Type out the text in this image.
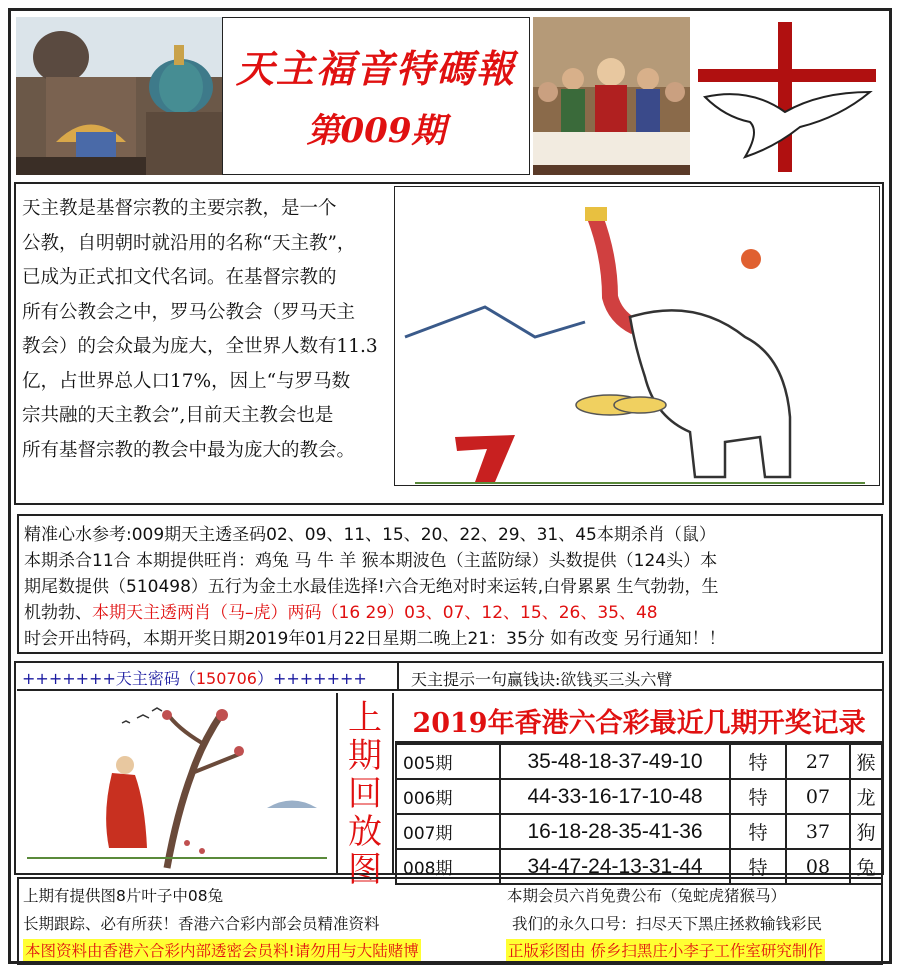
天主福音特碼報
第009期

天主教是基督宗教的主要宗教，是一个

公教，自明朝时就沿用的名称“天主教”，

已成为正式扣文代名词。在基督宗教的

所有公教会之中，罗马公教会（罗马天主

教会）的会众最为庞大，全世界人数有11.3

亿，占世界总人口17%，因上“与罗马数

宗共融的天主教会”,目前天主教会也是

所有基督宗教的教会中最为庞大的教会。

精准心水参考:009期天主透圣码02、09、11、15、20、22、29、31、45本期杀肖（鼠）
本期杀合11合 本期提供旺肖：鸡兔 马 牛 羊 猴本期波色（主蓝防绿）头数提供（124头）本
期尾数提供（510498）五行为金土水最佳选择!六合无绝对时来运转,白骨累累 生气勃勃，生
机勃勃、本期天主透两肖（马–虎）两码（16 29）03、07、12、15、26、35、48
时会开出特码，本期开奖日期2019年01月22日星期二晚上21：35分 如有改变 另行通知！！
+++++++天主密码（150706）+++++++	天主提示一句赢钱诀:欲钱买三头六臂
上
期
回
放
图
2019年香港六合彩最近几期开奖记录
005期	35-48-18-37-49-10	特	27	猴
006期	44-33-16-17-10-48	特	07	龙
007期	16-18-28-35-41-36	特	37	狗
008期	34-47-24-13-31-44	特	08	兔
上期有提供图8片叶子中08兔	本期会员六肖免费公布（兔蛇虎猪猴马）
长期跟踪、必有所获！香港六合彩内部会员精准资料	我们的永久口号：扫尽天下黑庄拯救输钱彩民
本图资料由香港六合彩内部透密会员料!请勿用与大陆赌博	正版彩图由 侨乡扫黑庄小李子工作室研究制作
